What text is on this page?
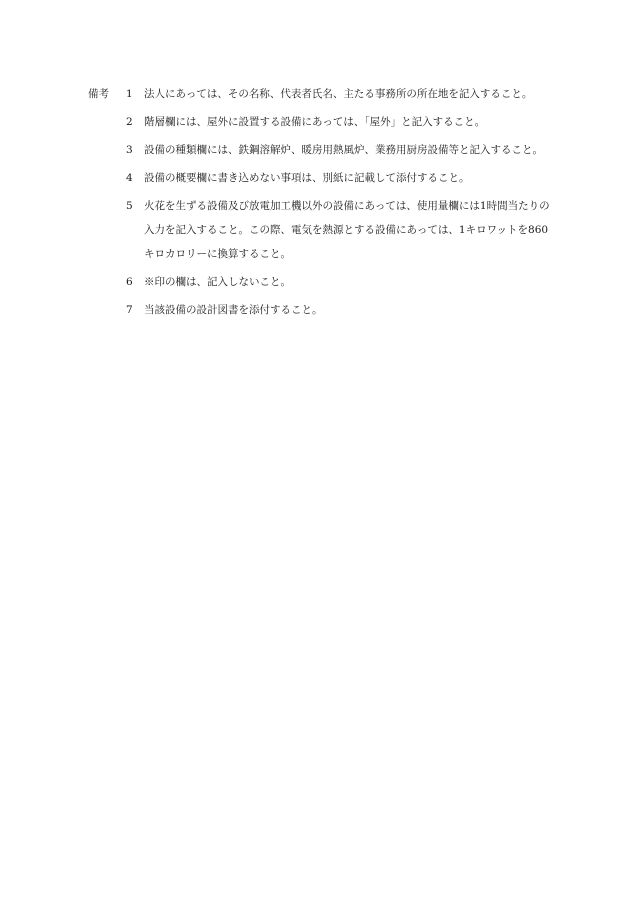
備考	1	法人にあっては、その名称、代表者氏名、主たる事務所の所在地を記入すること。
2	階層欄には、屋外に設置する設備にあっては、「屋外」と記入すること。
3	設備の種類欄には、鉄鋼溶解炉、暖房用熱風炉、業務用厨房設備等と記入すること。
4	設備の概要欄に書き込めない事項は、別紙に記載して添付すること。
5	火花を生ずる設備及び放電加工機以外の設備にあっては、使用量欄には1時間当たりの入力を記入すること。この際、電気を熱源とする設備にあっては、1キロワットを860キロカロリーに換算すること。
6	※印の欄は、記入しないこと。
7	当該設備の設計図書を添付すること。
